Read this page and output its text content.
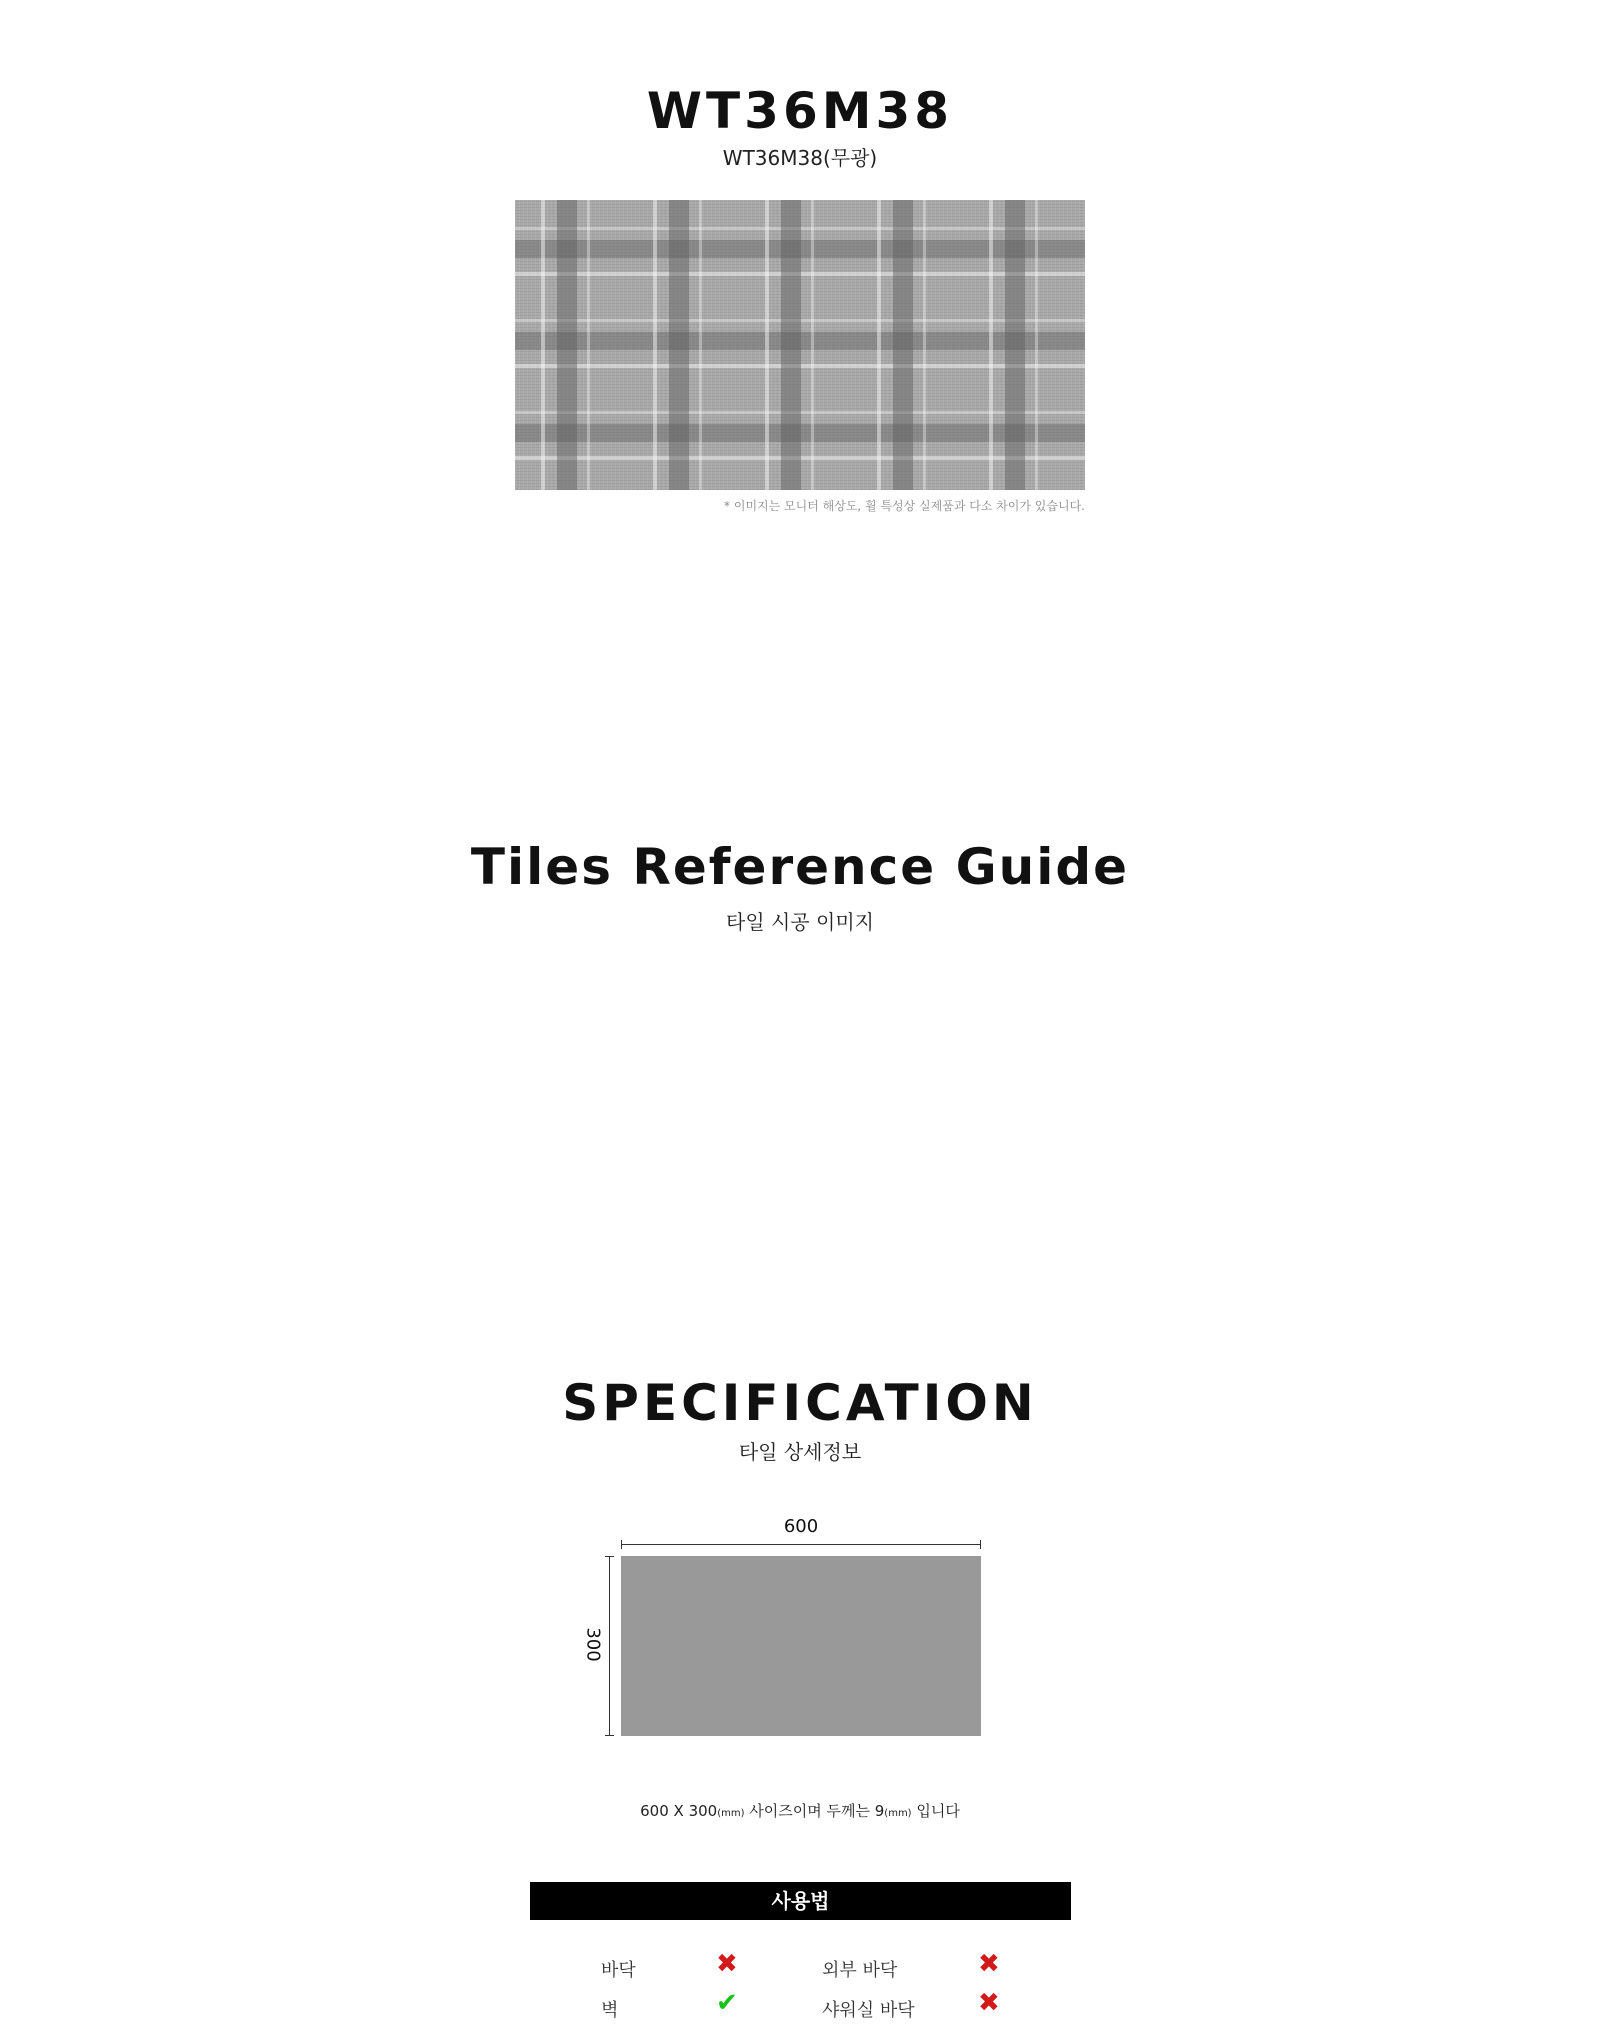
WT36M38
WT36M38(무광)
* 이미지는 모니터 해상도, 휠 특성상 실제품과 다소 차이가 있습니다.
Tiles Reference Guide
타일 시공 이미지
SPECIFICATION
타일 상세정보
600
300
600 X 300(mm) 사이즈이며 두께는 9(mm) 입니다
사용법
바닥	✖	외부 바닥	✖
벽	✔	샤워실 바닥 ✖
